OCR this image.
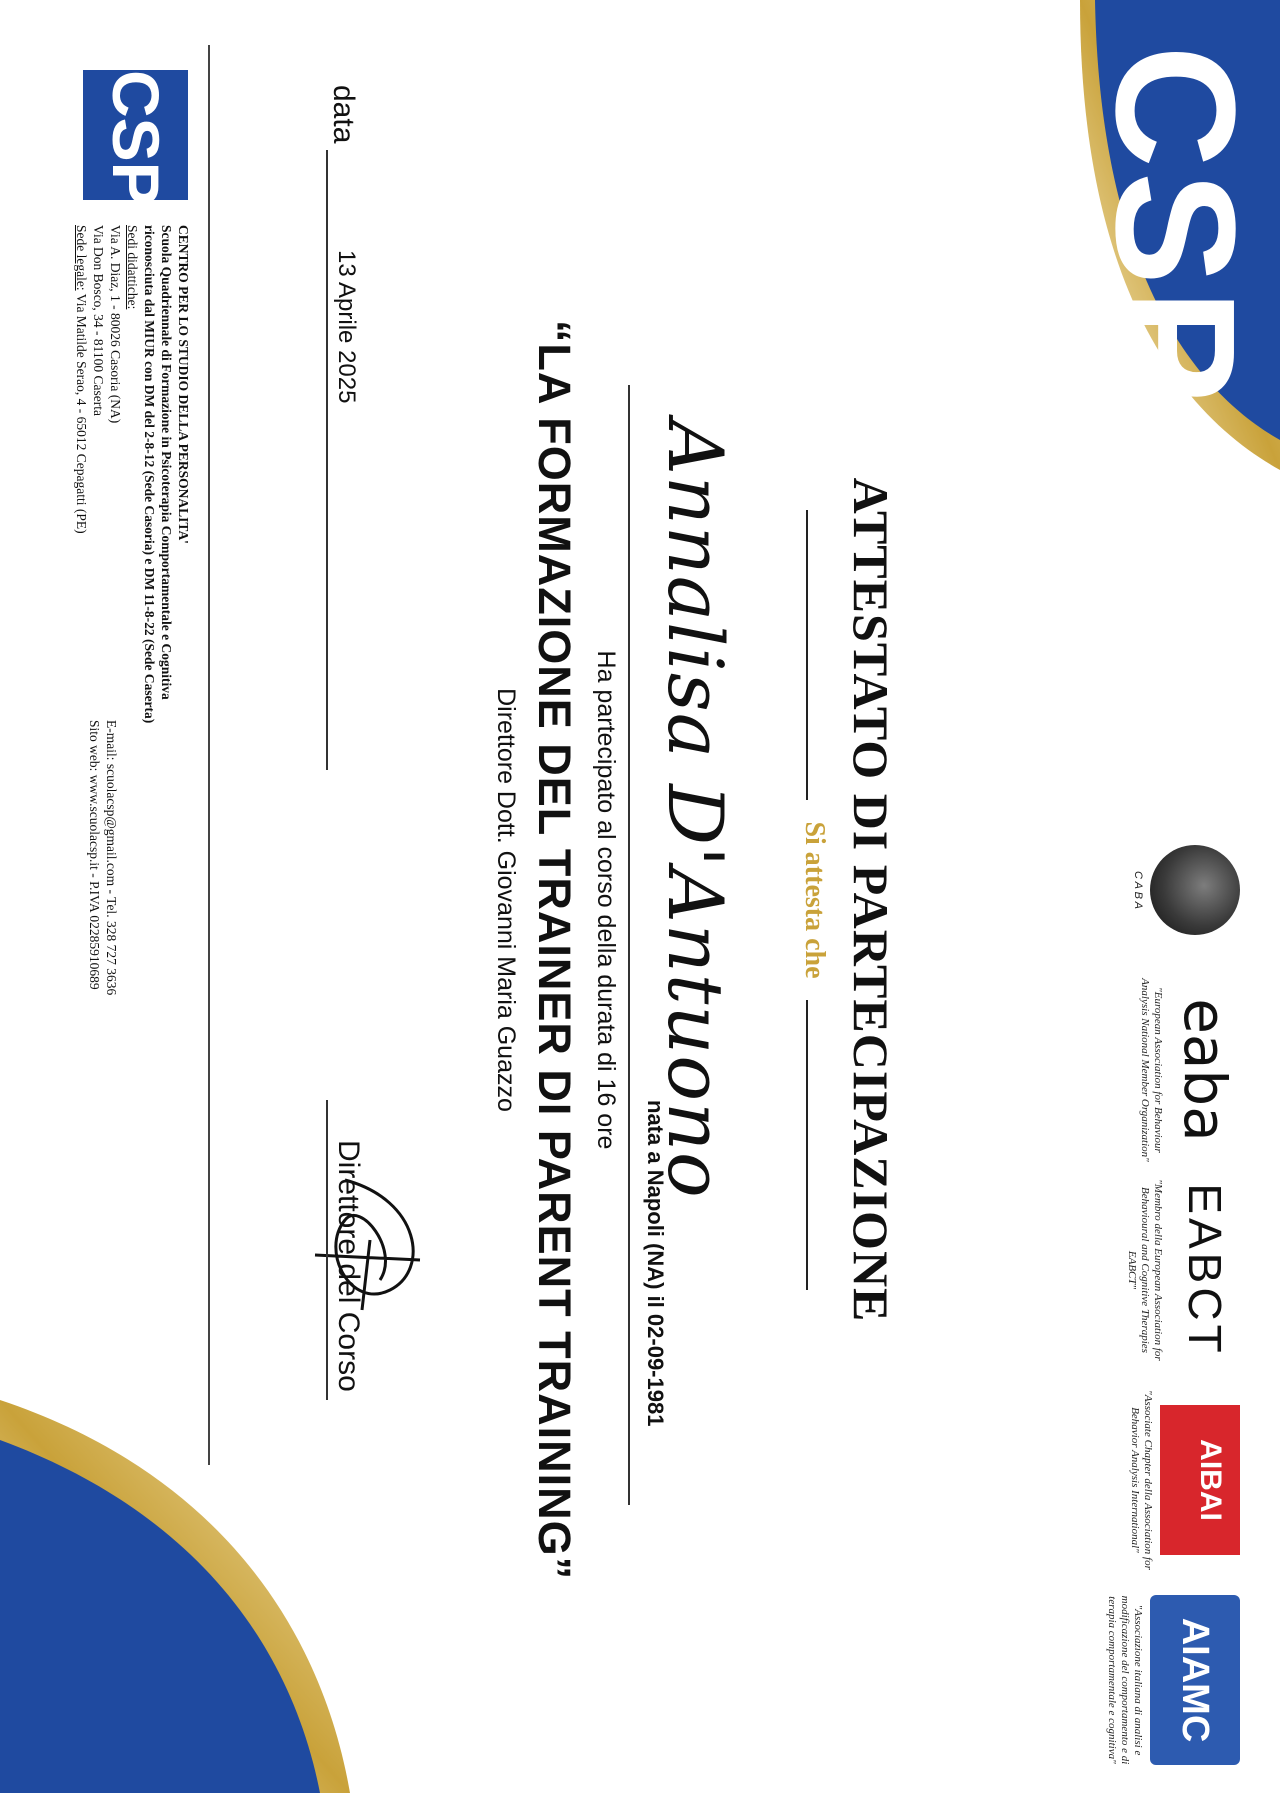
CSP
C A B A
eaba
"European Association for Behaviour Analysis National Member Organization"
EABCT
"Membro della European Association for Behavioural and Cognitive Therapies EABCT"
AIBAI
"Associate Chapter della Association for Behavior Analysis International"
AIAMC
"Associazione italiana di analisi e modificazione del comportamento e di terapia comportamentale e cognitiva"
ATTESTATO DI PARTECIPAZIONE
Si attesta che
Annalisa D'Antuono
nata a Napoli (NA) il 02-09-1981
Ha partecipato al corso della durata di 16 ore
“LA FORMAZIONE DEL TRAINER DI PARENT TRAINING”
Direttore Dott. Giovanni Maria Guazzo
data
13 Aprile 2025
Direttore del Corso
CSP
CENTRO PER LO STUDIO DELLA PERSONALITA'
Scuola Quadriennale di Formazione in Psicoterapia Comportamentale e Cognitiva
riconosciuta dal MIUR con DM del 2-8-12 (Sede Casoria) e DM 11-8-22 (Sede Caserta)
Sedi didattiche:
Via A. Diaz, 1 - 80026 Casoria (NA)
Via Don Bosco, 34 - 81100 Caserta
Sede legale: Via Matilde Serao, 4 - 65012 Cepagatti (PE)
E-mail: scuolacsp@gmail.com - Tel. 328 727 3636
Sito web: www.scuolacsp.it - P.IVA 02285910689
